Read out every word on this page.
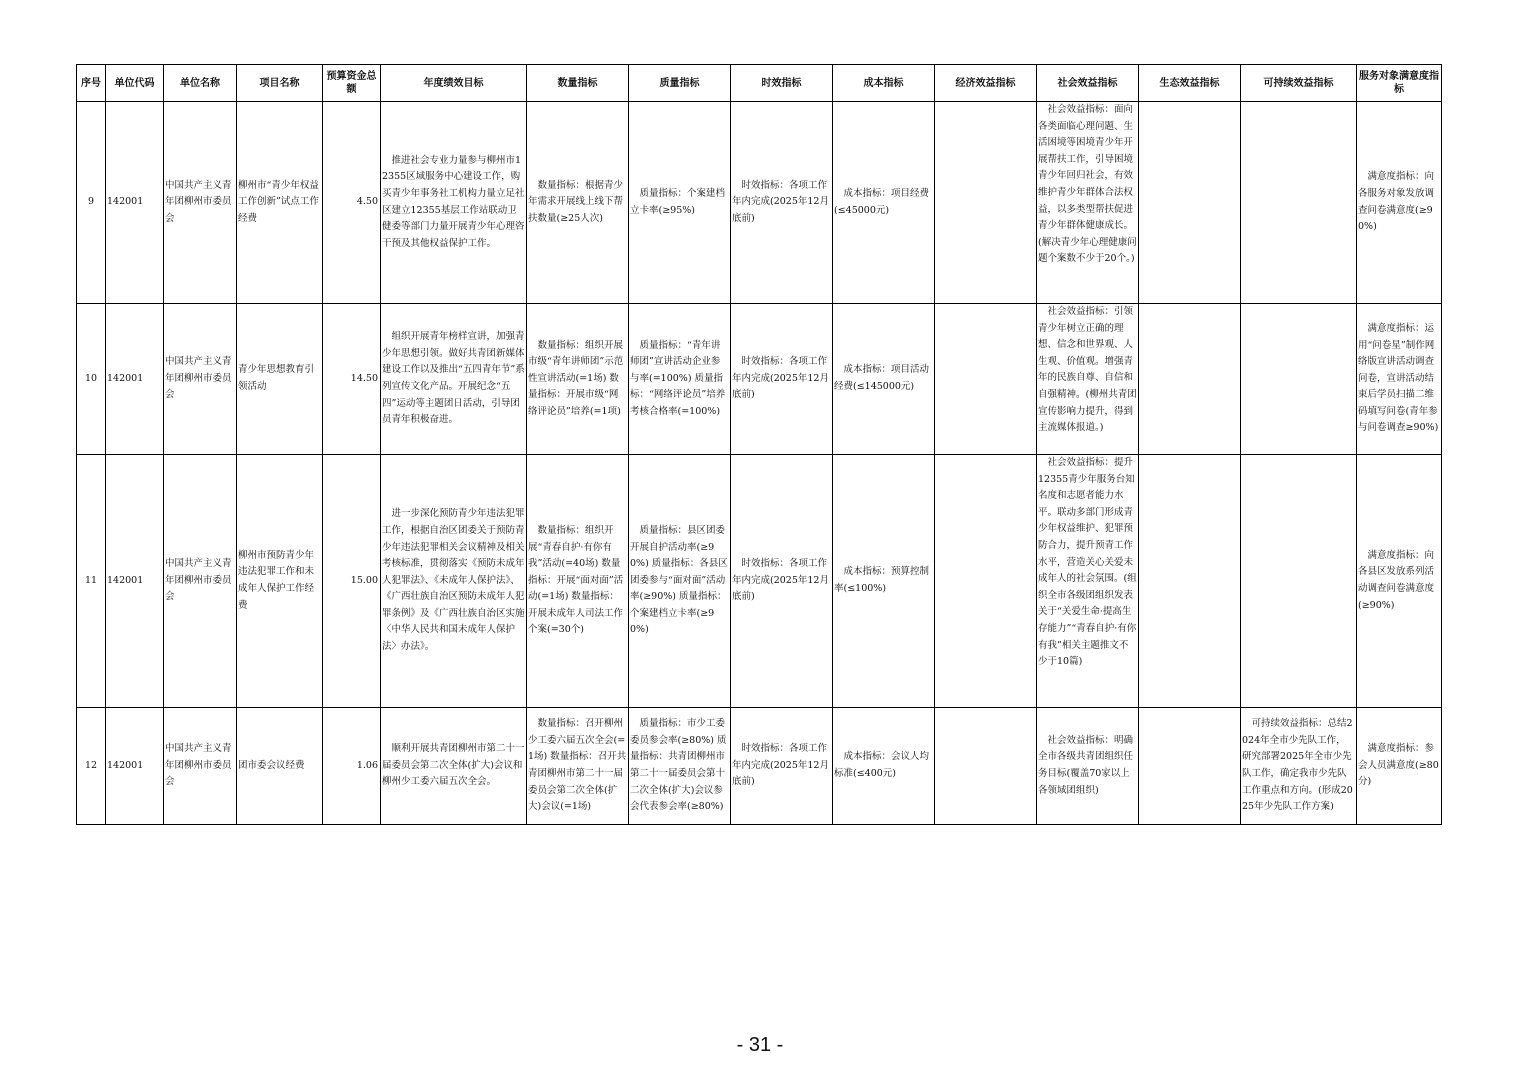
序号	单位代码	单位名称	项目名称	预算资金总额	年度绩效目标	数量指标	质量指标	时效指标	成本指标	经济效益指标	社会效益指标	生态效益指标	可持续效益指标	服务对象满意度指标
9	142001	中国共产主义青年团柳州市委员会	柳州市“青少年权益工作创新”试点工作经费	4.50	推进社会专业力量参与柳州市12355区域服务中心建设工作，购买青少年事务社工机构力量立足社区建立12355基层工作站联动卫健委等部门力量开展青少年心理咨干预及其他权益保护工作。	数量指标：根据青少年需求开展线上线下帮扶数量(≥25人次)	质量指标：个案建档立卡率(≥95%)	时效指标：各项工作年内完成(2025年12月底前)	成本指标：项目经费(≤45000元)		社会效益指标：面向各类面临心理问题、生活困境等困境青少年开展帮扶工作，引导困境青少年回归社会，有效维护青少年群体合法权益，以多类型帮扶促进青少年群体健康成长。(解决青少年心理健康问题个案数不少于20个。)			满意度指标：向各服务对象发放调查问卷满意度(≥90%)
10	142001	中国共产主义青年团柳州市委员会	青少年思想教育引领活动	14.50	组织开展青年榜样宣讲，加强青少年思想引领。做好共青团新媒体建设工作以及推出“五四青年节”系列宣传文化产品。开展纪念“五四”运动等主题团日活动，引导团员青年积极奋进。	数量指标：组织开展市级“青年讲师团”示范性宣讲活动(=1场) 数量指标：开展市级“网络评论员”培养(=1项)	质量指标：“青年讲师团”宣讲活动企业参与率(=100%) 质量指标：“网络评论员”培养考核合格率(=100%)	时效指标：各项工作年内完成(2025年12月底前)	成本指标：项目活动经费(≤145000元)		社会效益指标：引领青少年树立正确的理想、信念和世界观、人生观、价值观。增强青年的民族自尊、自信和自强精神。(柳州共青团宣传影响力提升，得到主流媒体报道。)			满意度指标：运用“问卷星”制作网络版宣讲活动调查问卷，宣讲活动结束后学员扫描二维码填写问卷(青年参与问卷调查≥90%)
11	142001	中国共产主义青年团柳州市委员会	柳州市预防青少年违法犯罪工作和未成年人保护工作经费	15.00	进一步深化预防青少年违法犯罪工作，根据自治区团委关于预防青少年违法犯罪相关会议精神及相关考核标准，贯彻落实《预防未成年人犯罪法》、《未成年人保护法》、《广西壮族自治区预防未成年人犯罪条例》及《广西壮族自治区实施〈中华人民共和国未成年人保护法〉办法》。	数量指标：组织开展“青春自护·有你有我”活动(=40场) 数量指标：开展“面对面”活动(=1场) 数量指标：开展未成年人司法工作个案(=30个)	质量指标：县区团委开展自护活动率(≥90%) 质量指标：各县区团委参与“面对面”活动率(≥90%) 质量指标：个案建档立卡率(≥90%)	时效指标：各项工作年内完成(2025年12月底前)	成本指标：预算控制率(≤100%)		社会效益指标：提升12355青少年服务台知名度和志愿者能力水平。联动多部门形成青少年权益维护、犯罪预防合力，提升预青工作水平，营造关心关爱未成年人的社会氛围。(组织全市各级团组织发表关于“关爱生命·提高生存能力”“青春自护·有你有我”相关主题推文不少于10篇)			满意度指标：向各县区发放系列活动调查问卷满意度(≥90%)
12	142001	中国共产主义青年团柳州市委员会	团市委会议经费	1.06	顺利开展共青团柳州市第二十一届委员会第二次全体(扩大)会议和柳州少工委六届五次全会。	数量指标：召开柳州少工委六届五次全会(=1场) 数量指标：召开共青团柳州市第二十一届委员会第二次全体(扩大)会议(=1场)	质量指标：市少工委委员参会率(≥80%) 质量指标：共青团柳州市第二十一届委员会第十二次全体(扩大)会议参会代表参会率(≥80%)	时效指标：各项工作年内完成(2025年12月底前)	成本指标：会议人均标准(≤400元)		社会效益指标：明确全市各级共青团组织任务目标(覆盖70家以上各领域团组织)		可持续效益指标：总结2024年全市少先队工作，研究部署2025年全市少先队工作，确定我市少先队工作重点和方向。(形成2025年少先队工作方案)	满意度指标：参会人员满意度(≥80分)
- 31 -
